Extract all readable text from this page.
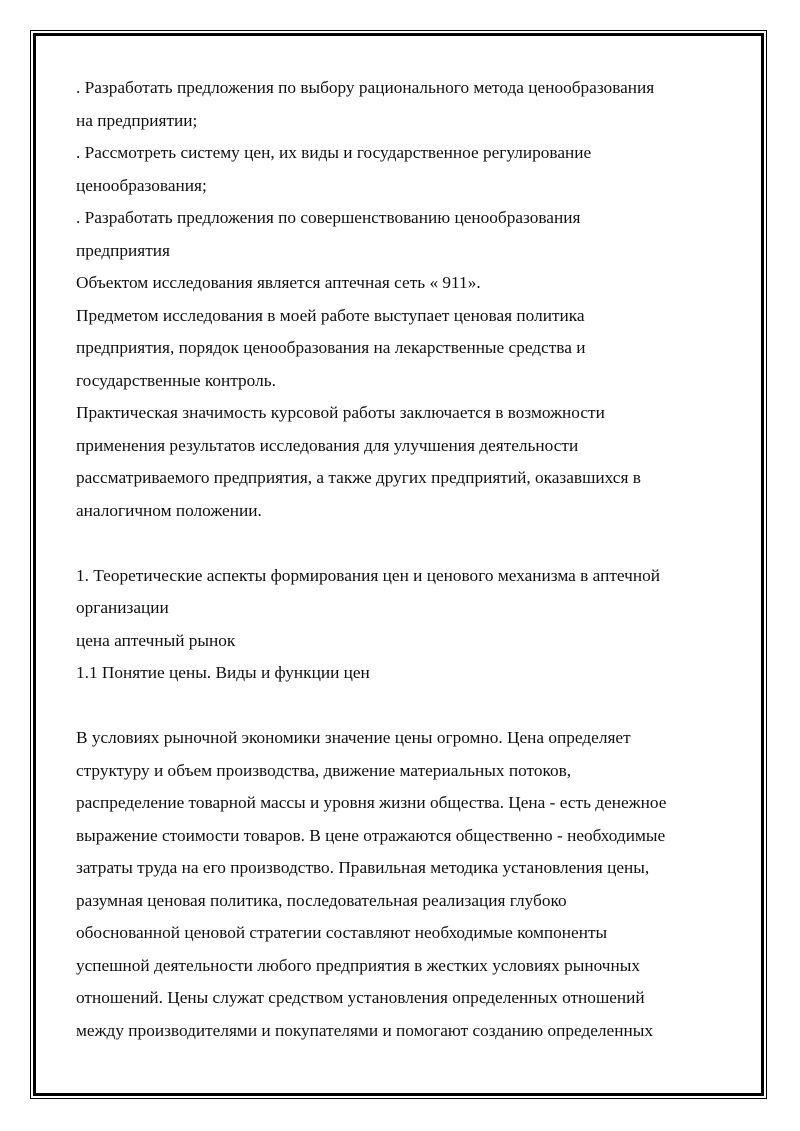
. Разработать предложения по выбору рационального метода ценообразования
на предприятии;
. Рассмотреть систему цен, их виды и государственное регулирование
ценообразования;
. Разработать предложения по совершенствованию ценообразования
предприятия
Объектом исследования является аптечная сеть « 911».
Предметом исследования в моей работе выступает ценовая политика
предприятия, порядок ценообразования на лекарственные средства и
государственные контроль.
Практическая значимость курсовой работы заключается в возможности
применения результатов исследования для улучшения деятельности
рассматриваемого предприятия, а также других предприятий, оказавшихся в
аналогичном положении.
1. Теоретические аспекты формирования цен и ценового механизма в аптечной
организации
цена аптечный рынок
1.1 Понятие цены. Виды и функции цен
В условиях рыночной экономики значение цены огромно. Цена определяет
структуру и объем производства, движение материальных потоков,
распределение товарной массы и уровня жизни общества. Цена - есть денежное
выражение стоимости товаров. В цене отражаются общественно - необходимые
затраты труда на его производство. Правильная методика установления цены,
разумная ценовая политика, последовательная реализация глубоко
обоснованной ценовой стратегии составляют необходимые компоненты
успешной деятельности любого предприятия в жестких условиях рыночных
отношений. Цены служат средством установления определенных отношений
между производителями и покупателями и помогают созданию определенных
